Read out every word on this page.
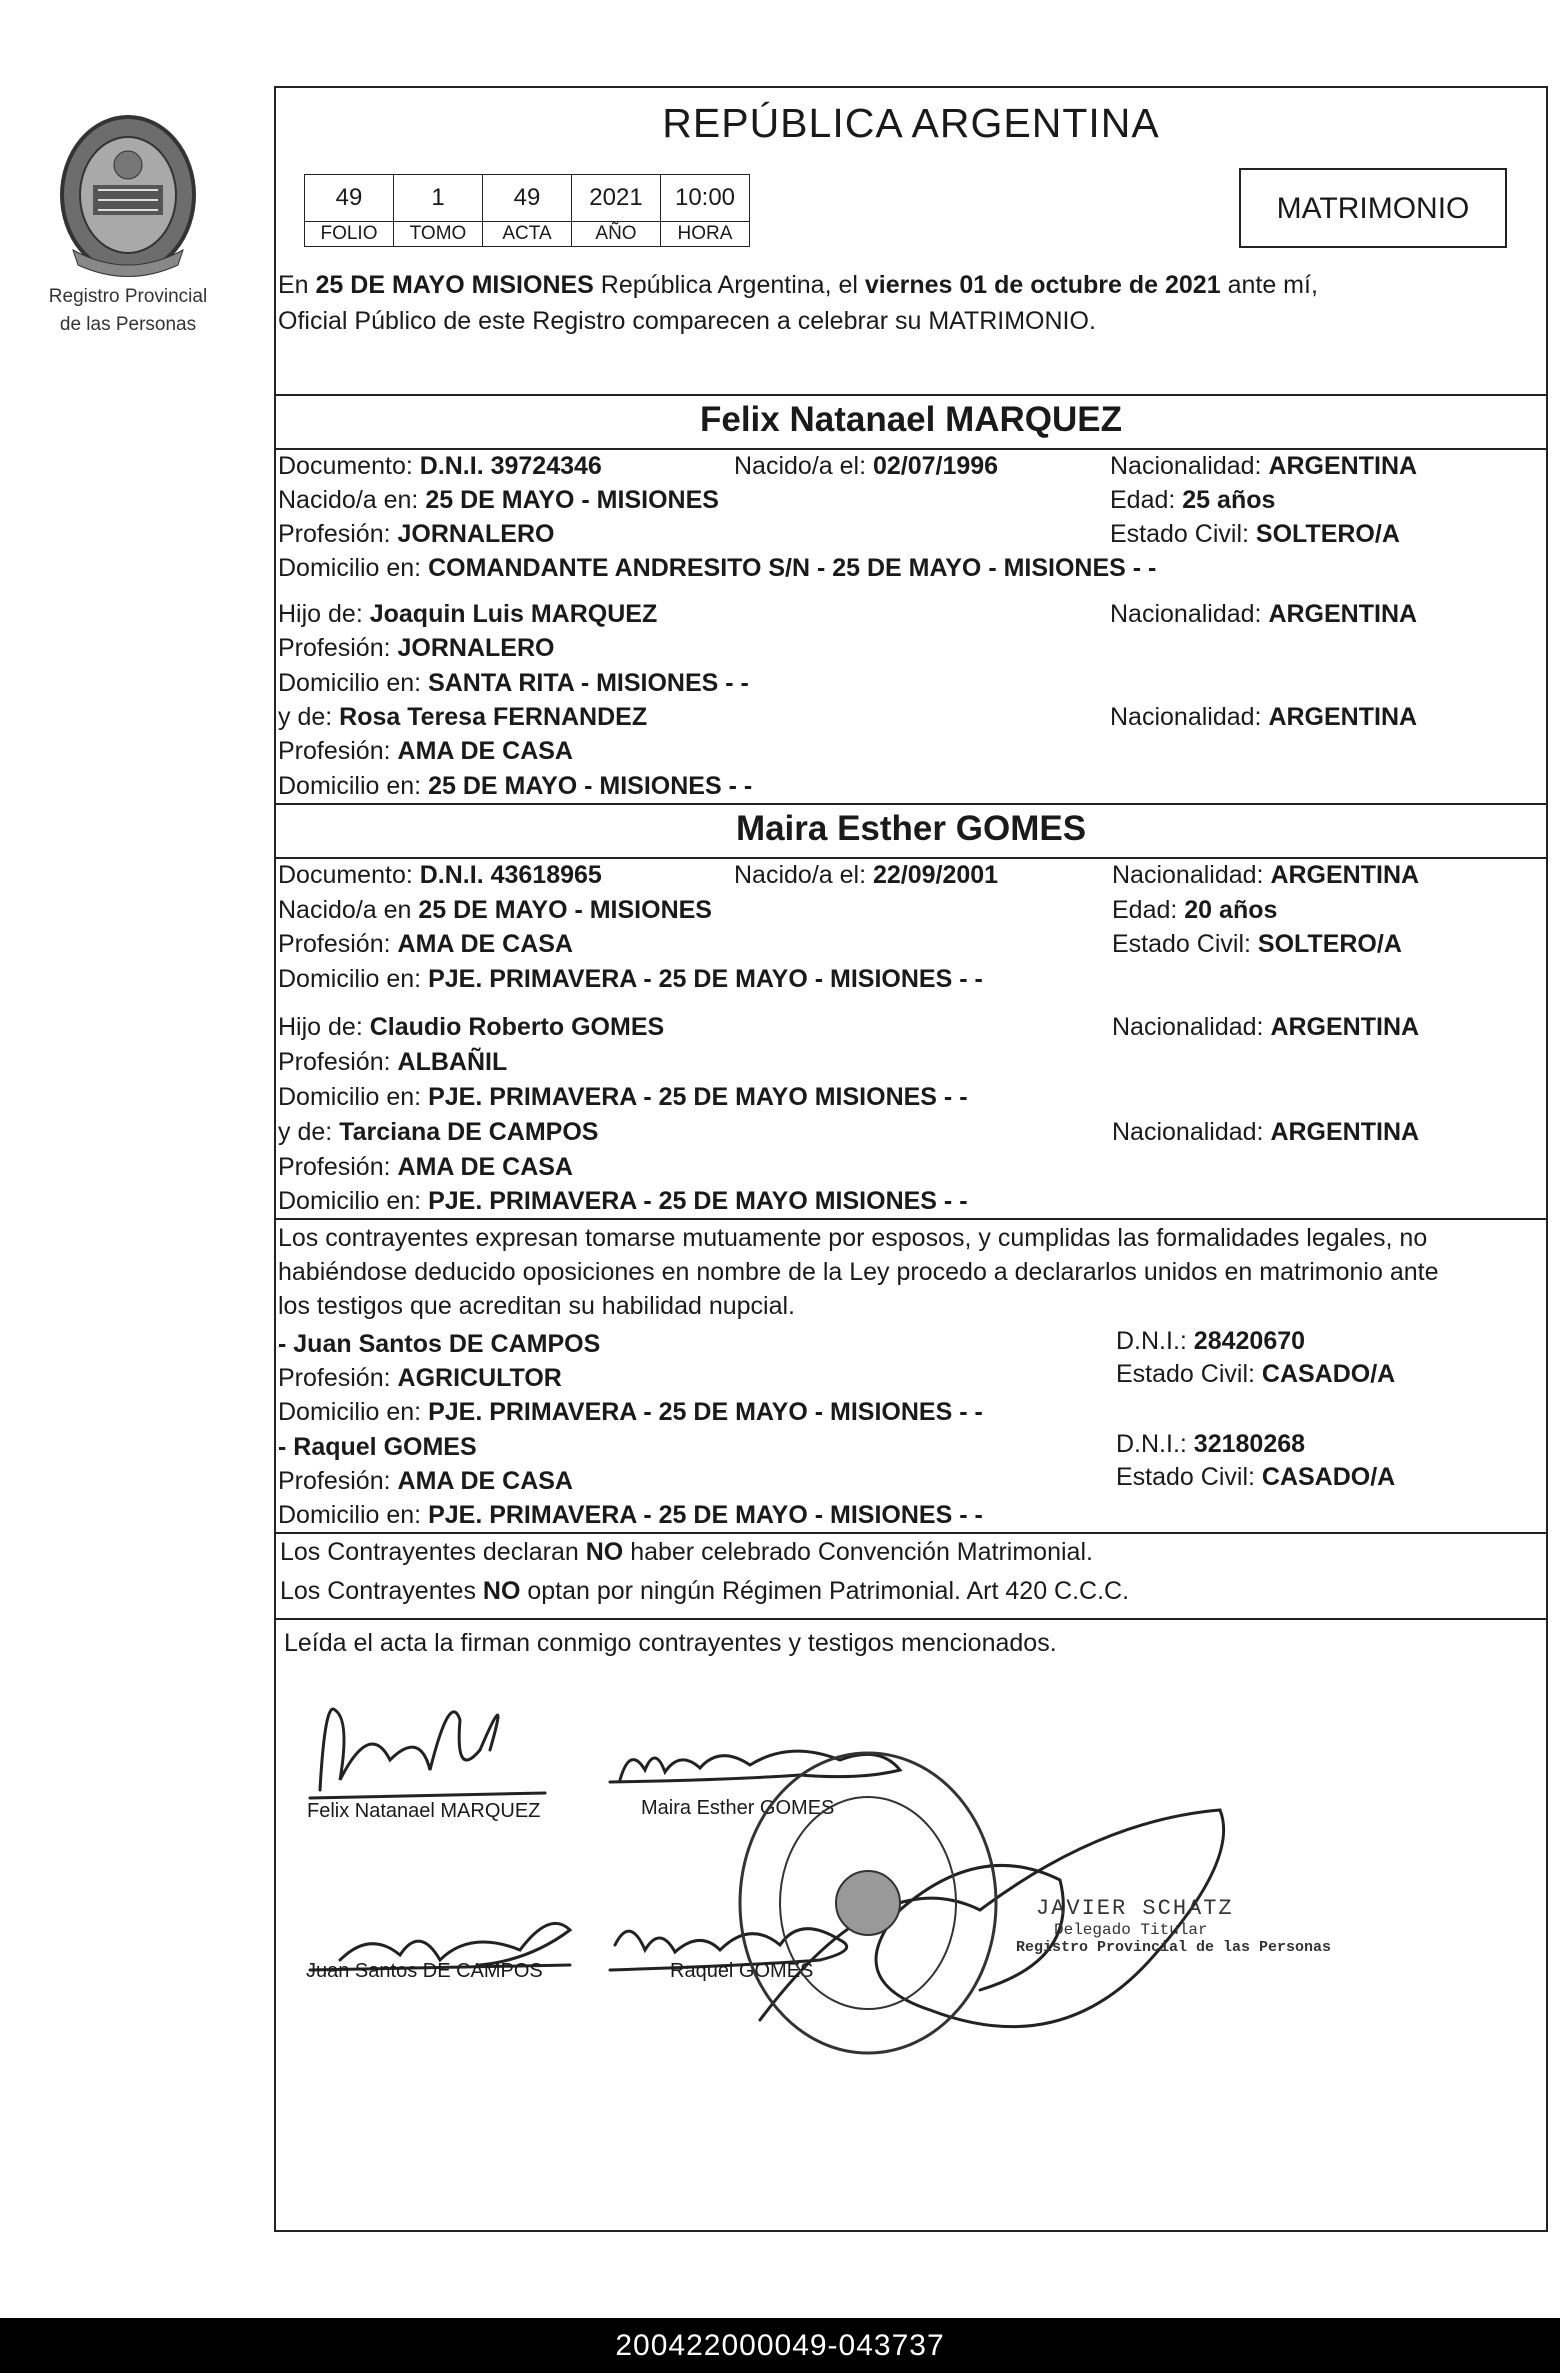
Registro Provincial
de las Personas
REPÚBLICA ARGENTINA
49	1	49	2021	10:00
FOLIO	TOMO	ACTA	AÑO	HORA
MATRIMONIO
En 25 DE MAYO MISIONES República Argentina, el viernes 01 de octubre de 2021 ante mí,
Oficial Público de este Registro comparecen a celebrar su MATRIMONIO.
Felix Natanael MARQUEZ
Documento: D.N.I. 39724346	Nacido/a el: 02/07/1996	Nacionalidad: ARGENTINA
Nacido/a en: 25 DE MAYO - MISIONES	Edad: 25 años
Profesión: JORNALERO	Estado Civil: SOLTERO/A
Domicilio en: COMANDANTE ANDRESITO S/N - 25 DE MAYO - MISIONES - -
Hijo de: Joaquin Luis MARQUEZ	Nacionalidad: ARGENTINA
Profesión: JORNALERO
Domicilio en: SANTA RITA - MISIONES - -
y de: Rosa Teresa FERNANDEZ	Nacionalidad: ARGENTINA
Profesión: AMA DE CASA
Domicilio en: 25 DE MAYO - MISIONES - -
Maira Esther GOMES
Documento: D.N.I. 43618965	Nacido/a el: 22/09/2001	Nacionalidad: ARGENTINA
Nacido/a en 25 DE MAYO - MISIONES	Edad: 20 años
Profesión: AMA DE CASA	Estado Civil: SOLTERO/A
Domicilio en: PJE. PRIMAVERA - 25 DE MAYO - MISIONES - -
Hijo de: Claudio Roberto GOMES	Nacionalidad: ARGENTINA
Profesión: ALBAÑIL
Domicilio en: PJE. PRIMAVERA - 25 DE MAYO MISIONES - -
y de: Tarciana DE CAMPOS	Nacionalidad: ARGENTINA
Profesión: AMA DE CASA
Domicilio en: PJE. PRIMAVERA - 25 DE MAYO MISIONES - -
Los contrayentes expresan tomarse mutuamente por esposos, y cumplidas las formalidades legales, no
habiéndose deducido oposiciones en nombre de la Ley procedo a declararlos unidos en matrimonio ante
los testigos que acreditan su habilidad nupcial.
- Juan Santos DE CAMPOS	D.N.I.: 28420670
Profesión: AGRICULTOR	Estado Civil: CASADO/A
Domicilio en: PJE. PRIMAVERA - 25 DE MAYO - MISIONES - -
- Raquel GOMES	D.N.I.: 32180268
Profesión: AMA DE CASA	Estado Civil: CASADO/A
Domicilio en: PJE. PRIMAVERA - 25 DE MAYO - MISIONES - -
Los Contrayentes declaran NO haber celebrado Convención Matrimonial.
Los Contrayentes NO optan por ningún Régimen Patrimonial. Art 420 C.C.C.
Leída el acta la firman conmigo contrayentes y testigos mencionados.
Felix Natanael MARQUEZ	Maira Esther GOMES
Juan Santos DE CAMPOS	Raquel GOMES
JAVIER SCHATZ
Delegado Titular
Registro Provincial de las Personas
200422000049-043737
